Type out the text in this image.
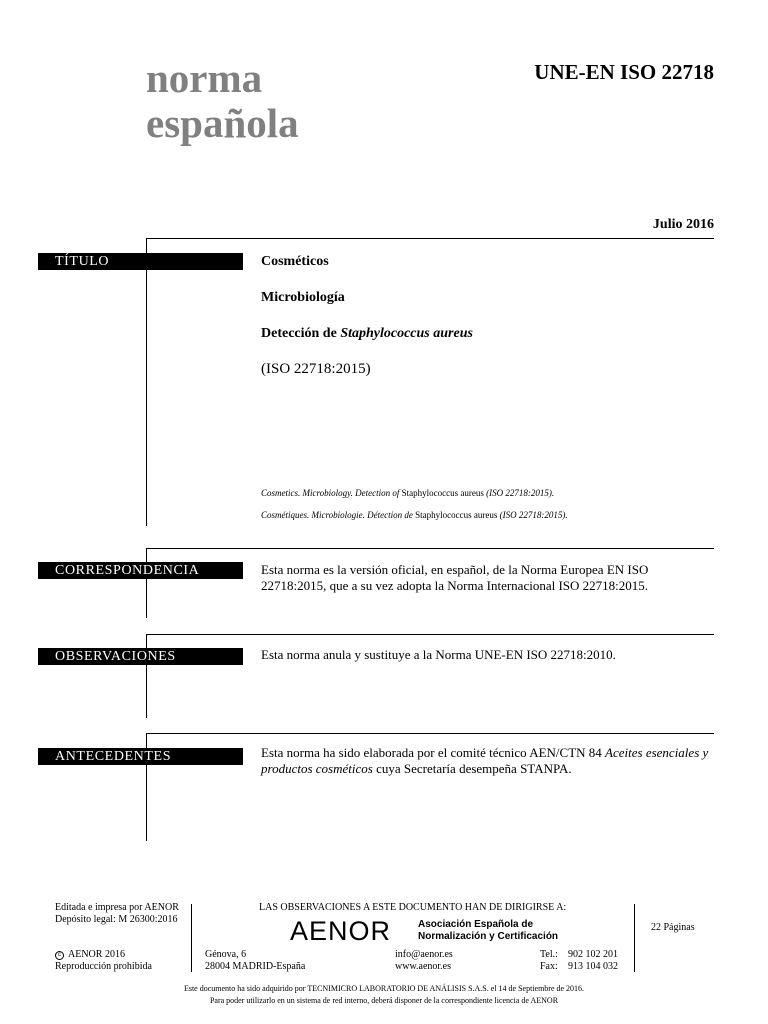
norma
española
UNE-EN ISO 22718
Julio 2016
TÍTULO	Cosméticos
Microbiología
Detección de Staphylococcus aureus
(ISO 22718:2015)
Cosmetics. Microbiology. Detection of Staphylococcus aureus (ISO 22718:2015).
Cosmétiques. Microbiologie. Détection de Staphylococcus aureus (ISO 22718:2015).
CORRESPONDENCIA	Esta norma es la versión oficial, en español, de la Norma Europea EN ISO 22718:2015, que a su vez adopta la Norma Internacional ISO 22718:2015.
OBSERVACIONES	Esta norma anula y sustituye a la Norma UNE-EN ISO 22718:2010.
ANTECEDENTES	Esta norma ha sido elaborada por el comité técnico AEN/CTN 84 Aceites esenciales y productos cosméticos cuya Secretaría desempeña STANPA.
Editada e impresa por AENOR
Depósito legal: M 26300:2016
c AENOR 2016
Reproducción prohibida
LAS OBSERVACIONES A ESTE DOCUMENTO HAN DE DIRIGIRSE A:
AENOR	Asociación Española de
Normalización y Certificación
Génova, 6
28004 MADRID-España
info@aenor.es
www.aenor.es
Tel.: 902 102 201
Fax: 913 104 032
22 Páginas
Este documento ha sido adquirido por TECNIMICRO LABORATORIO DE ANÁLISIS S.A.S. el 14 de Septiembre de 2016.
Para poder utilizarlo en un sistema de red interno, deberá disponer de la correspondiente licencia de AENOR
